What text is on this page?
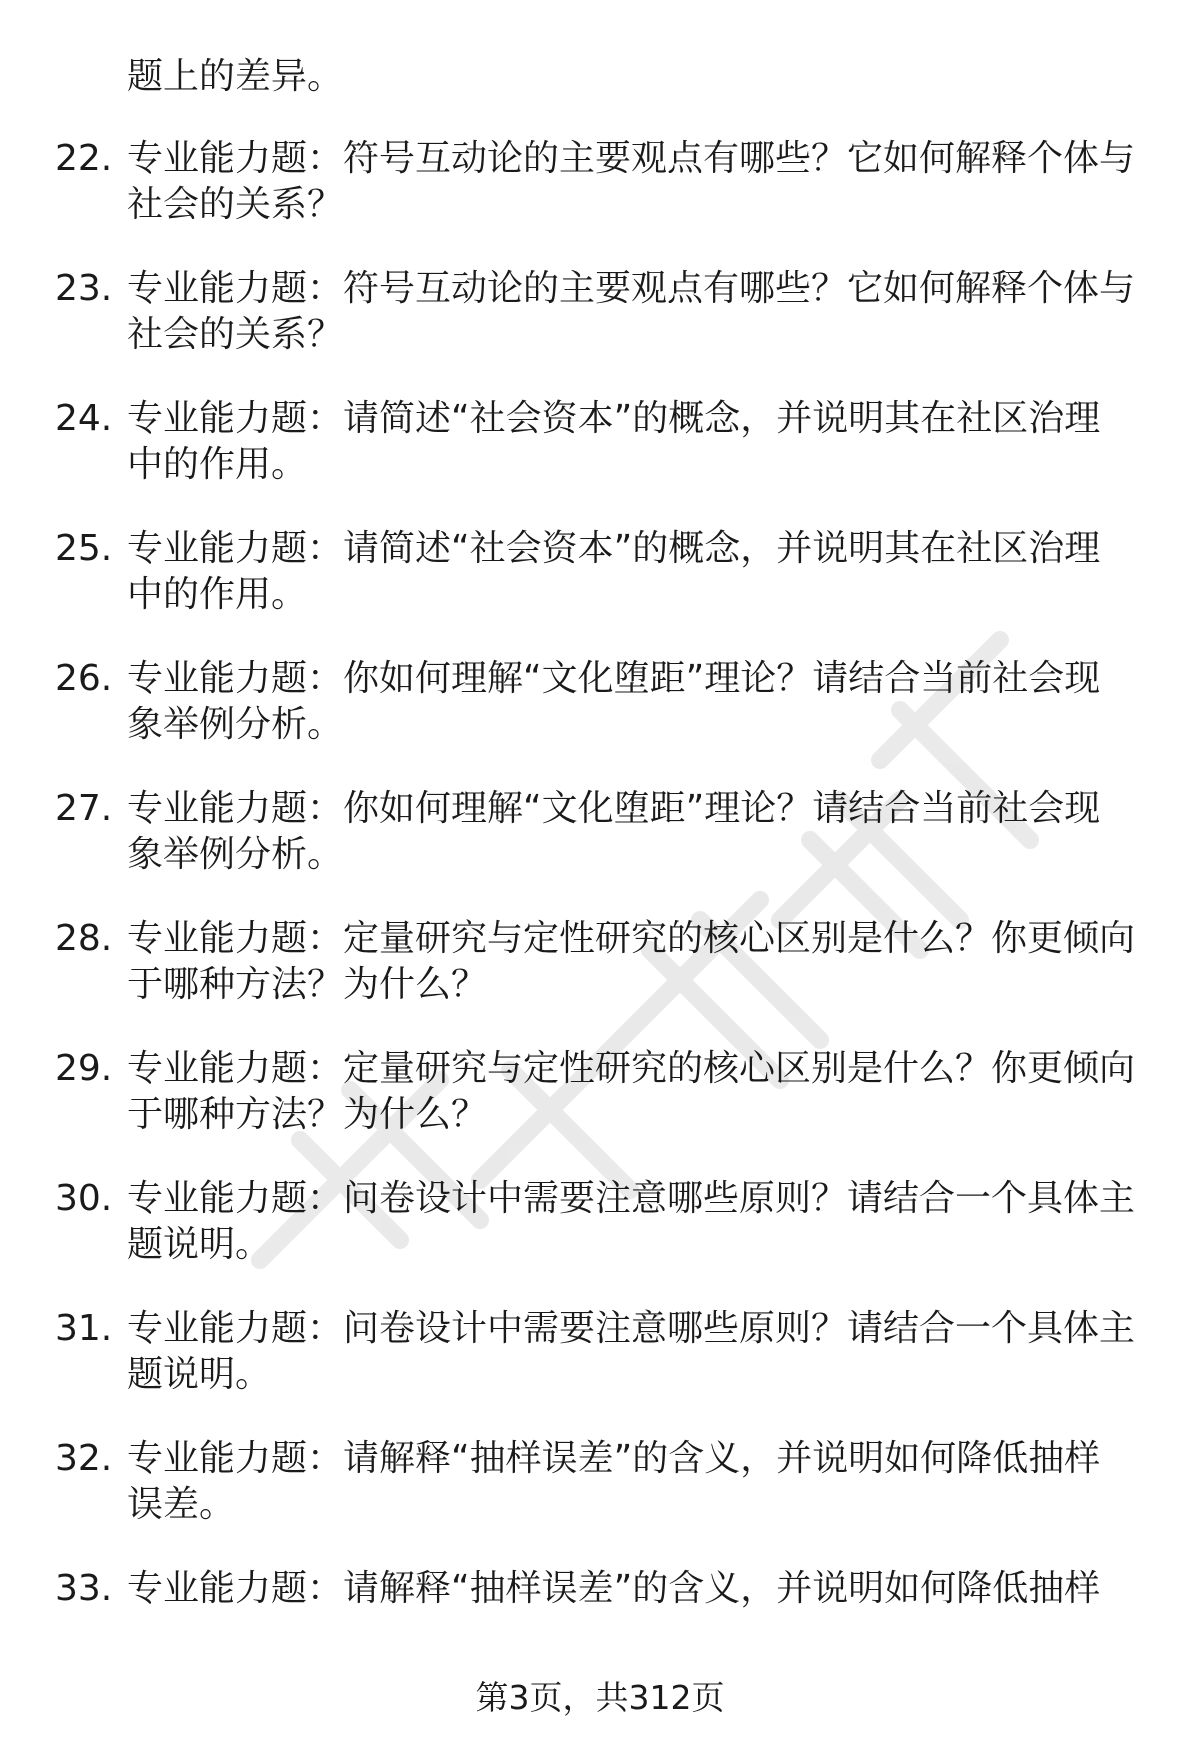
题上的差异。
22. 专业能力题：符号互动论的主要观点有哪些？它如何解释个体与
社会的关系？
23. 专业能力题：符号互动论的主要观点有哪些？它如何解释个体与
社会的关系？
24. 专业能力题：请简述“社会资本”的概念，并说明其在社区治理
中的作用。
25. 专业能力题：请简述“社会资本”的概念，并说明其在社区治理
中的作用。
26. 专业能力题：你如何理解“文化堕距”理论？请结合当前社会现
象举例分析。
27. 专业能力题：你如何理解“文化堕距”理论？请结合当前社会现
象举例分析。
28. 专业能力题：定量研究与定性研究的核心区别是什么？你更倾向
于哪种方法？为什么？
29. 专业能力题：定量研究与定性研究的核心区别是什么？你更倾向
于哪种方法？为什么？
30. 专业能力题：问卷设计中需要注意哪些原则？请结合一个具体主
题说明。
31. 专业能力题：问卷设计中需要注意哪些原则？请结合一个具体主
题说明。
32. 专业能力题：请解释“抽样误差”的含义，并说明如何降低抽样
误差。
33. 专业能力题：请解释“抽样误差”的含义，并说明如何降低抽样
第3页，共312页
